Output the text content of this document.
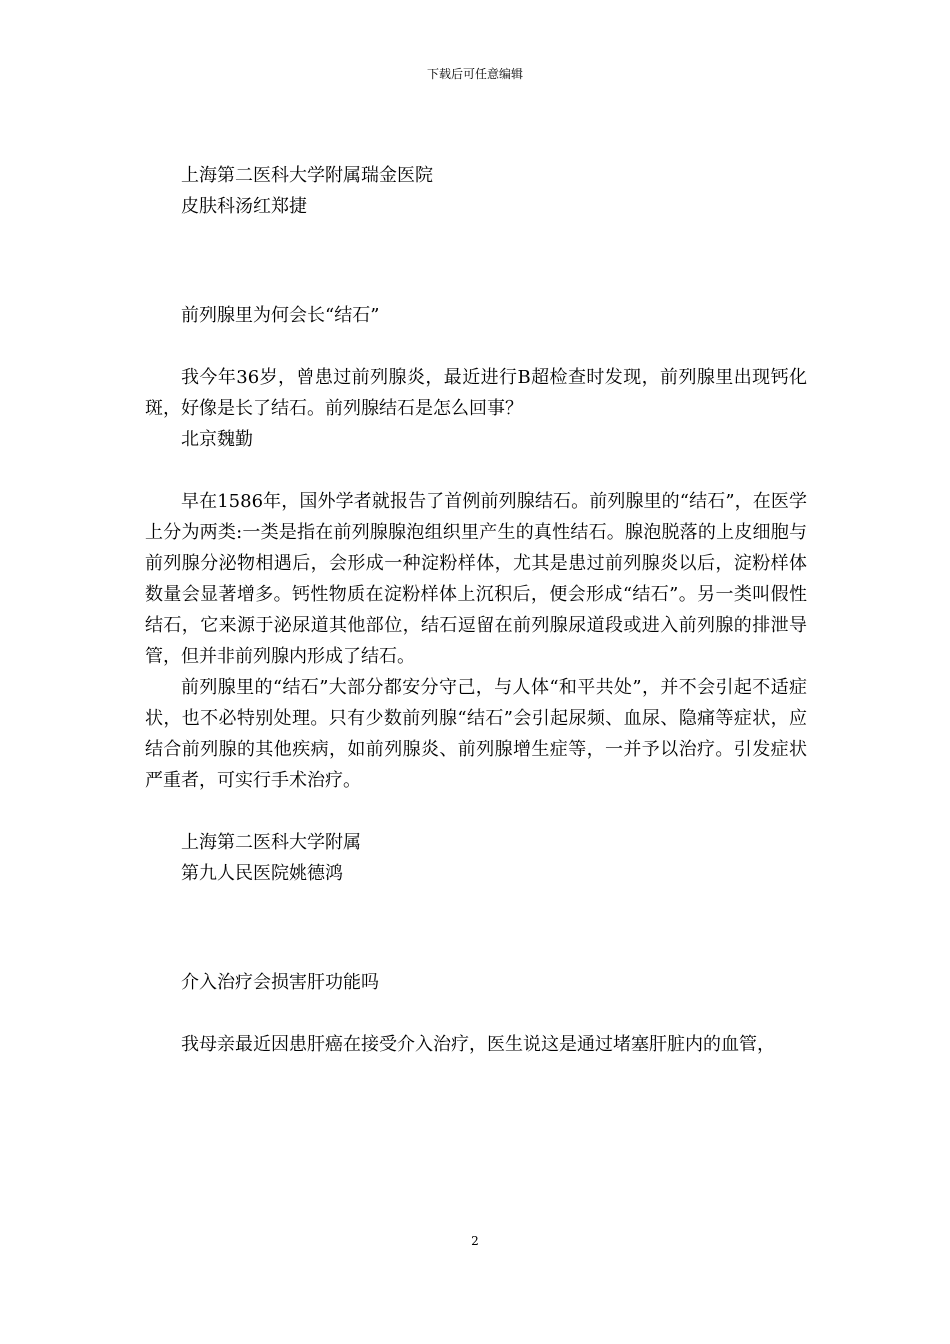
下载后可任意编辑

上海第二医科大学附属瑞金医院

皮肤科汤红郑捷

前列腺里为何会长“结石”

我今年36岁，曾患过前列腺炎，最近进行B超检查时发现，前列腺里出现钙化斑，好像是长了结石。前列腺结石是怎么回事？

北京魏勤

早在1586年，国外学者就报告了首例前列腺结石。前列腺里的“结石”，在医学上分为两类:一类是指在前列腺腺泡组织里产生的真性结石。腺泡脱落的上皮细胞与前列腺分泌物相遇后，会形成一种淀粉样体，尤其是患过前列腺炎以后，淀粉样体数量会显著增多。钙性物质在淀粉样体上沉积后，便会形成“结石”。另一类叫假性结石，它来源于泌尿道其他部位，结石逗留在前列腺尿道段或进入前列腺的排泄导管，但并非前列腺内形成了结石。

前列腺里的“结石”大部分都安分守己，与人体“和平共处”，并不会引起不适症状，也不必特别处理。只有少数前列腺“结石”会引起尿频、血尿、隐痛等症状，应结合前列腺的其他疾病，如前列腺炎、前列腺增生症等，一并予以治疗。引发症状严重者，可实行手术治疗。

上海第二医科大学附属

第九人民医院姚德鸿

介入治疗会损害肝功能吗

我母亲最近因患肝癌在接受介入治疗，医生说这是通过堵塞肝脏内的血管，

2
